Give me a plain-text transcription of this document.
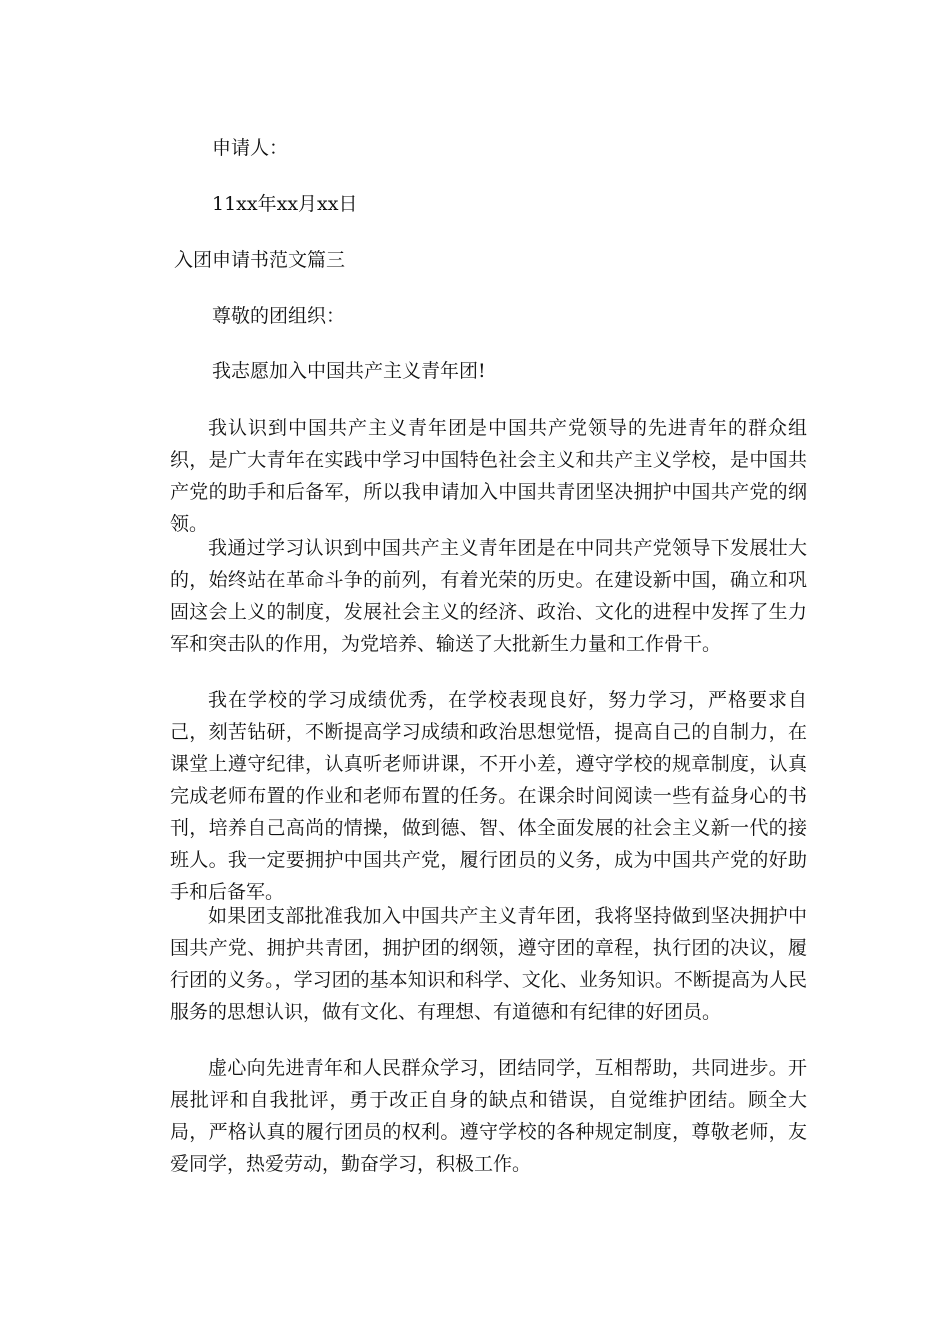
申请人：

11xx年xx月xx日

入团申请书范文篇三

尊敬的团组织：

我志愿加入中国共产主义青年团!

我认识到中国共产主义青年团是中国共产党领导的先进青年的群众组织，是广大青年在实践中学习中国特色社会主义和共产主义学校，是中国共产党的助手和后备军，所以我申请加入中国共青团坚决拥护中国共产党的纲领。

我通过学习认识到中国共产主义青年团是在中同共产党领导下发展壮大的，始终站在革命斗争的前列，有着光荣的历史。在建设新中国，确立和巩固这会上义的制度，发展社会主义的经济、政治、文化的进程中发挥了生力军和突击队的作用，为党培养、输送了大批新生力量和工作骨干。

我在学校的学习成绩优秀，在学校表现良好，努力学习，严格要求自己，刻苦钻研，不断提高学习成绩和政治思想觉悟，提高自己的自制力，在课堂上遵守纪律，认真听老师讲课，不开小差，遵守学校的规章制度，认真完成老师布置的作业和老师布置的任务。在课余时间阅读一些有益身心的书刊，培养自己高尚的情操，做到德、智、体全面发展的社会主义新一代的接班人。我一定要拥护中国共产党，履行团员的义务，成为中国共产党的好助手和后备军。

如果团支部批准我加入中国共产主义青年团，我将坚持做到坚决拥护中国共产党、拥护共青团，拥护团的纲领，遵守团的章程，执行团的决议，履行团的义务。，学习团的基本知识和科学、文化、业务知识。不断提高为人民服务的思想认识，做有文化、有理想、有道德和有纪律的好团员。

虚心向先进青年和人民群众学习，团结同学，互相帮助，共同进步。开展批评和自我批评，勇于改正自身的缺点和错误，自觉维护团结。顾全大局，严格认真的履行团员的权利。遵守学校的各种规定制度，尊敬老师，友爱同学，热爱劳动，勤奋学习，积极工作。
